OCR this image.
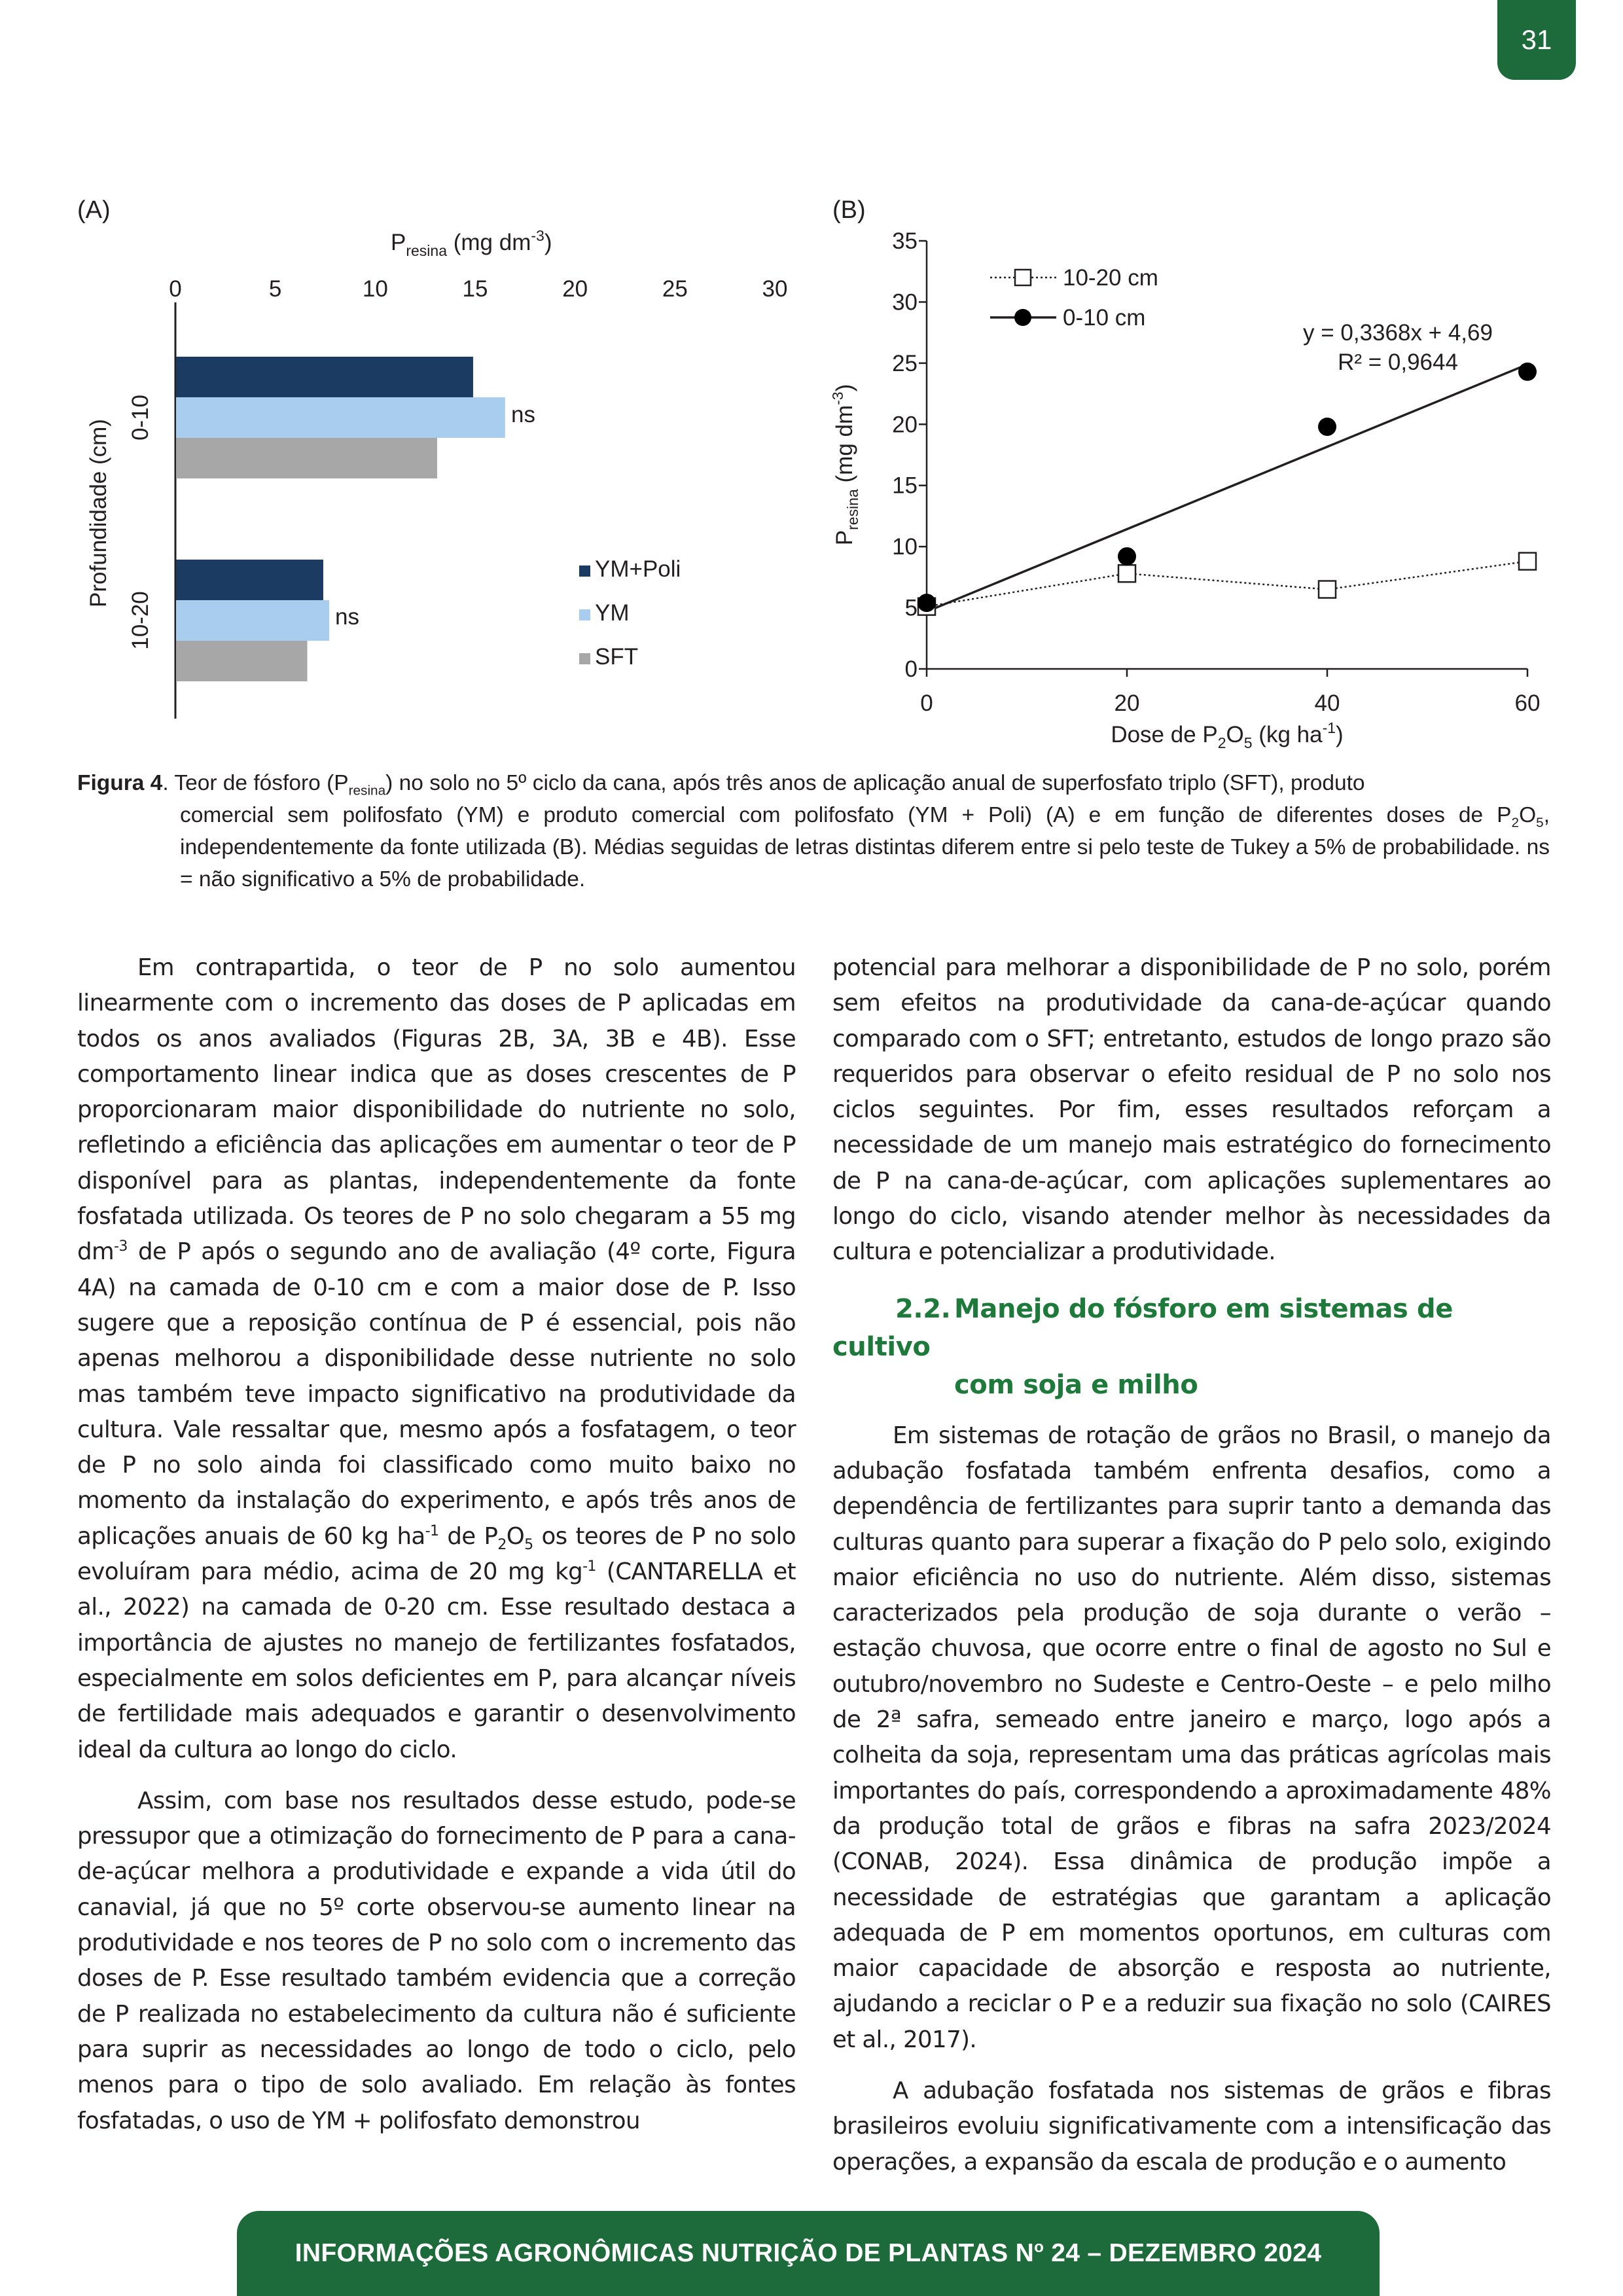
31
(A)
$P_{resina}$ (mg $dm^{-3}$)
0	5	10	15	20	25	30
Profundidade (cm)
0-10
10-20
ns
ns
YM+Poli
YM
SFT
(B)
0
5
10
15
20
25
30
35
0	20	40	60
$P_{resina}$ (mg $dm^{-3}$)
Dose de $P_2O_5$ (kg $ha^{-1}$)
10-20 cm
0-10 cm
y = 0,3368x + 4,69
R² = 0,9644
Figura 4. Teor de fósforo $(P_{resina})$ no solo no 5º ciclo da cana, após três anos de aplicação anual de superfosfato triplo (SFT), produto
comercial sem polifosfato (YM) e produto comercial com polifosfato (YM + Poli) (A) e em função de diferentes doses de $P_2O_5$, independentemente da fonte utilizada (B). Médias seguidas de letras distintas diferem entre si pelo teste de Tukey a 5% de probabilidade. ns = não significativo a 5% de probabilidade.

Em contrapartida, o teor de P no solo aumentou linearmente com o incremento das doses de P aplicadas em todos os anos avaliados (Figuras 2B, 3A, 3B e 4B). Esse comportamento linear indica que as doses crescentes de P proporcionaram maior disponibilidade do nutriente no solo, refletindo a eficiência das aplicações em aumentar o teor de P disponível para as plantas, independentemente da fonte fosfatada utilizada. Os teores de P no solo chegaram a 55 mg $dm^{-3}$ de P após o segundo ano de avaliação (4º corte, Figura 4A) na camada de 0-10 cm e com a maior dose de P. Isso sugere que a reposição contínua de P é essencial, pois não apenas melhorou a disponibilidade desse nutriente no solo mas também teve impacto significativo na produtividade da cultura. Vale ressaltar que, mesmo após a fosfatagem, o teor de P no solo ainda foi classificado como muito baixo no momento da instalação do experimento, e após três anos de aplicações anuais de 60 kg $ha^{-1}$ de $P_2O_5$ os teores de P no solo evoluíram para médio, acima de 20 mg $kg^{-1}$ (CANTARELLA et al., 2022) na camada de 0-20 cm. Esse resultado destaca a importância de ajustes no manejo de fertilizantes fosfatados, especialmente em solos deficientes em P, para alcançar níveis de fertilidade mais adequados e garantir o desenvolvimento ideal da cultura ao longo do ciclo.

Assim, com base nos resultados desse estudo, pode-se pressupor que a otimização do fornecimento de P para a cana-de-açúcar melhora a produtividade e expande a vida útil do canavial, já que no 5º corte observou-se aumento linear na produtividade e nos teores de P no solo com o incremento das doses de P. Esse resultado também evidencia que a correção de P realizada no estabelecimento da cultura não é suficiente para suprir as necessidades ao longo de todo o ciclo, pelo menos para o tipo de solo avaliado. Em relação às fontes fosfatadas, o uso de YM + polifosfato demonstrou

potencial para melhorar a disponibilidade de P no solo, porém sem efeitos na produtividade da cana-de-açúcar quando comparado com o SFT; entretanto, estudos de longo prazo são requeridos para observar o efeito residual de P no solo nos ciclos seguintes. Por fim, esses resultados reforçam a necessidade de um manejo mais estratégico do fornecimento de P na cana-de-açúcar, com aplicações suplementares ao longo do ciclo, visando atender melhor às necessidades da cultura e potencializar a produtividade.

2.2. Manejo do fósforo em sistemas de cultivo
com soja e milho

Em sistemas de rotação de grãos no Brasil, o manejo da adubação fosfatada também enfrenta desafios, como a dependência de fertilizantes para suprir tanto a demanda das culturas quanto para superar a fixação do P pelo solo, exigindo maior eficiência no uso do nutriente. Além disso, sistemas caracterizados pela produção de soja durante o verão – estação chuvosa, que ocorre entre o final de agosto no Sul e outubro/novembro no Sudeste e Centro-Oeste – e pelo milho de 2ª safra, semeado entre janeiro e março, logo após a colheita da soja, representam uma das práticas agrícolas mais importantes do país, correspondendo a aproximadamente 48% da produção total de grãos e fibras na safra 2023/2024 (CONAB, 2024). Essa dinâmica de produção impõe a necessidade de estratégias que garantam a aplicação adequada de P em momentos oportunos, em culturas com maior capacidade de absorção e resposta ao nutriente, ajudando a reciclar o P e a reduzir sua fixação no solo (CAIRES et al., 2017).

A adubação fosfatada nos sistemas de grãos e fibras brasileiros evoluiu significativamente com a intensificação das operações, a expansão da escala de produção e o aumento

INFORMAÇÕES AGRONÔMICAS NUTRIÇÃO DE PLANTAS $N^o$ 24 – DEZEMBRO 2024
